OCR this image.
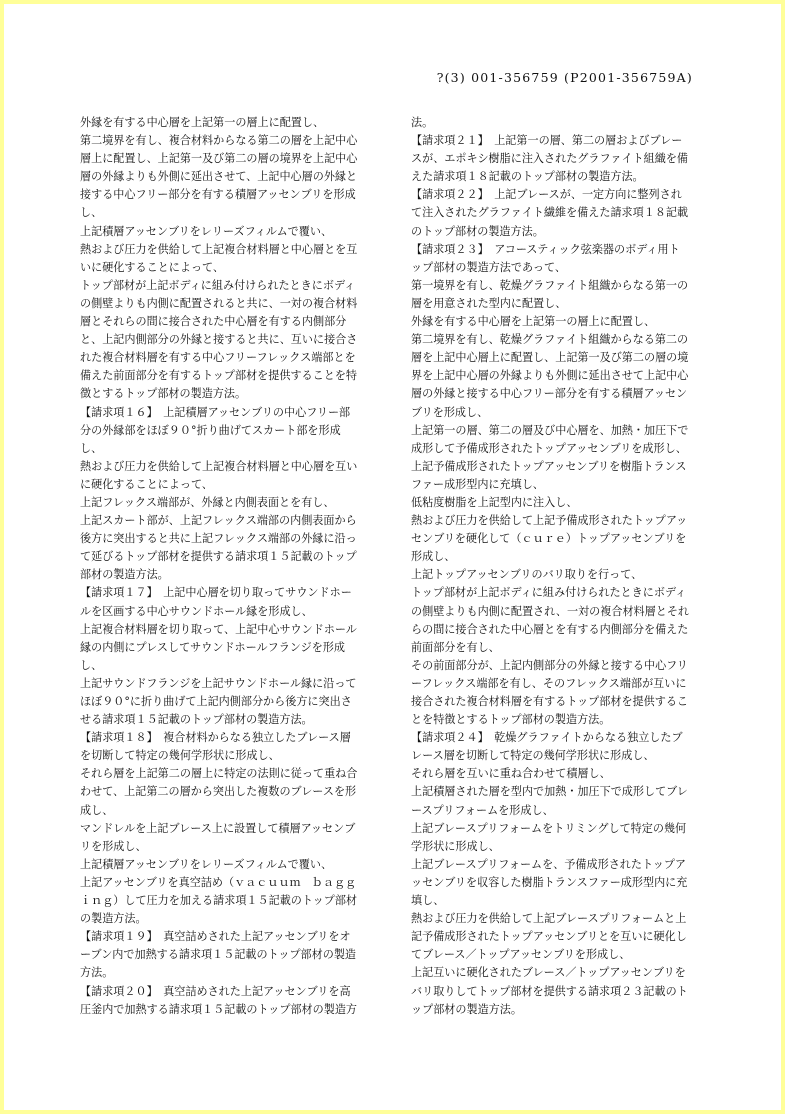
?(3) 001-356759 (P2001-356759A)
外縁を有する中心層を上記第一の層上に配置し、
第二境界を有し、複合材料からなる第二の層を上記中心
層上に配置し、上記第一及び第二の層の境界を上記中心
層の外縁よりも外側に延出させて、上記中心層の外縁と
接する中心フリー部分を有する積層アッセンブリを形成
し、
上記積層アッセンブリをレリーズフィルムで覆い、
熱および圧力を供給して上記複合材料層と中心層とを互
いに硬化することによって、
トップ部材が上記ボディに組み付けられたときにボディ
の側壁よりも内側に配置されると共に、一対の複合材料
層とそれらの間に接合された中心層を有する内側部分
と、上記内側部分の外縁と接すると共に、互いに接合さ
れた複合材料層を有する中心フリーフレックス端部とを
備えた前面部分を有するトップ部材を提供することを特
徴とするトップ部材の製造方法。
【請求項１６】　上記積層アッセンブリの中心フリー部
分の外縁部をほぼ９０°折り曲げてスカート部を形成
し、
熱および圧力を供給して上記複合材料層と中心層を互い
に硬化することによって、
上記フレックス端部が、外縁と内側表面とを有し、
上記スカート部が、上記フレックス端部の内側表面から
後方に突出すると共に上記フレックス端部の外縁に沿っ
て延びるトップ部材を提供する請求項１５記載のトップ
部材の製造方法。
【請求項１７】　上記中心層を切り取ってサウンドホー
ルを区画する中心サウンドホール縁を形成し、
上記複合材料層を切り取って、上記中心サウンドホール
縁の内側にプレスしてサウンドホールフランジを形成
し、
上記サウンドフランジを上記サウンドホール縁に沿って
ほぼ９０°に折り曲げて上記内側部分から後方に突出さ
せる請求項１５記載のトップ部材の製造方法。
【請求項１８】　複合材料からなる独立したブレース層
を切断して特定の幾何学形状に形成し、
それら層を上記第二の層上に特定の法則に従って重ね合
わせて、上記第二の層から突出した複数のブレースを形
成し、
マンドレルを上記ブレース上に設置して積層アッセンブ
リを形成し、
上記積層アッセンブリをレリーズフィルムで覆い、
上記アッセンブリを真空詰め（ｖａｃｕｕｍ　ｂａｇｇ
ｉｎｇ）して圧力を加える請求項１５記載のトップ部材
の製造方法。
【請求項１９】　真空詰めされた上記アッセンブリをオ
ーブン内で加熱する請求項１５記載のトップ部材の製造
方法。
【請求項２０】　真空詰めされた上記アッセンブリを高
圧釜内で加熱する請求項１５記載のトップ部材の製造方
法。
【請求項２１】　上記第一の層、第二の層およびブレー
スが、エポキシ樹脂に注入されたグラファイト組織を備
えた請求項１８記載のトップ部材の製造方法。
【請求項２２】　上記ブレースが、一定方向に整列され
て注入されたグラファイト繊維を備えた請求項１８記載
のトップ部材の製造方法。
【請求項２３】　アコースティック弦楽器のボディ用ト
ップ部材の製造方法であって、
第一境界を有し、乾燥グラファイト組織からなる第一の
層を用意された型内に配置し、
外縁を有する中心層を上記第一の層上に配置し、
第二境界を有し、乾燥グラファイト組織からなる第二の
層を上記中心層上に配置し、上記第一及び第二の層の境
界を上記中心層の外縁よりも外側に延出させて上記中心
層の外縁と接する中心フリー部分を有する積層アッセン
ブリを形成し、
上記第一の層、第二の層及び中心層を、加熱・加圧下で
成形して予備成形されたトップアッセンブリを成形し、
上記予備成形されたトップアッセンブリを樹脂トランス
ファー成形型内に充填し、
低粘度樹脂を上記型内に注入し、
熱および圧力を供給して上記予備成形されたトップアッ
センブリを硬化して（ｃｕｒｅ）トップアッセンブリを
形成し、
上記トップアッセンブリのバリ取りを行って、
トップ部材が上記ボディに組み付けられたときにボディ
の側壁よりも内側に配置され、一対の複合材料層とそれ
らの間に接合された中心層とを有する内側部分を備えた
前面部分を有し、
その前面部分が、上記内側部分の外縁と接する中心フリ
ーフレックス端部を有し、そのフレックス端部が互いに
接合された複合材料層を有するトップ部材を提供するこ
とを特徴とするトップ部材の製造方法。
【請求項２４】　乾燥グラファイトからなる独立したブ
レース層を切断して特定の幾何学形状に形成し、
それら層を互いに重ね合わせて積層し、
上記積層された層を型内で加熱・加圧下で成形してブレ
ースプリフォームを形成し、
上記ブレースプリフォームをトリミングして特定の幾何
学形状に形成し、
上記ブレースプリフォームを、予備成形されたトップア
ッセンブリを収容した樹脂トランスファー成形型内に充
填し、
熱および圧力を供給して上記ブレースプリフォームと上
記予備成形されたトップアッセンブリとを互いに硬化し
てブレース／トップアッセンブリを形成し、
上記互いに硬化されたブレース／トップアッセンブリを
バリ取りしてトップ部材を提供する請求項２３記載のト
ップ部材の製造方法。
